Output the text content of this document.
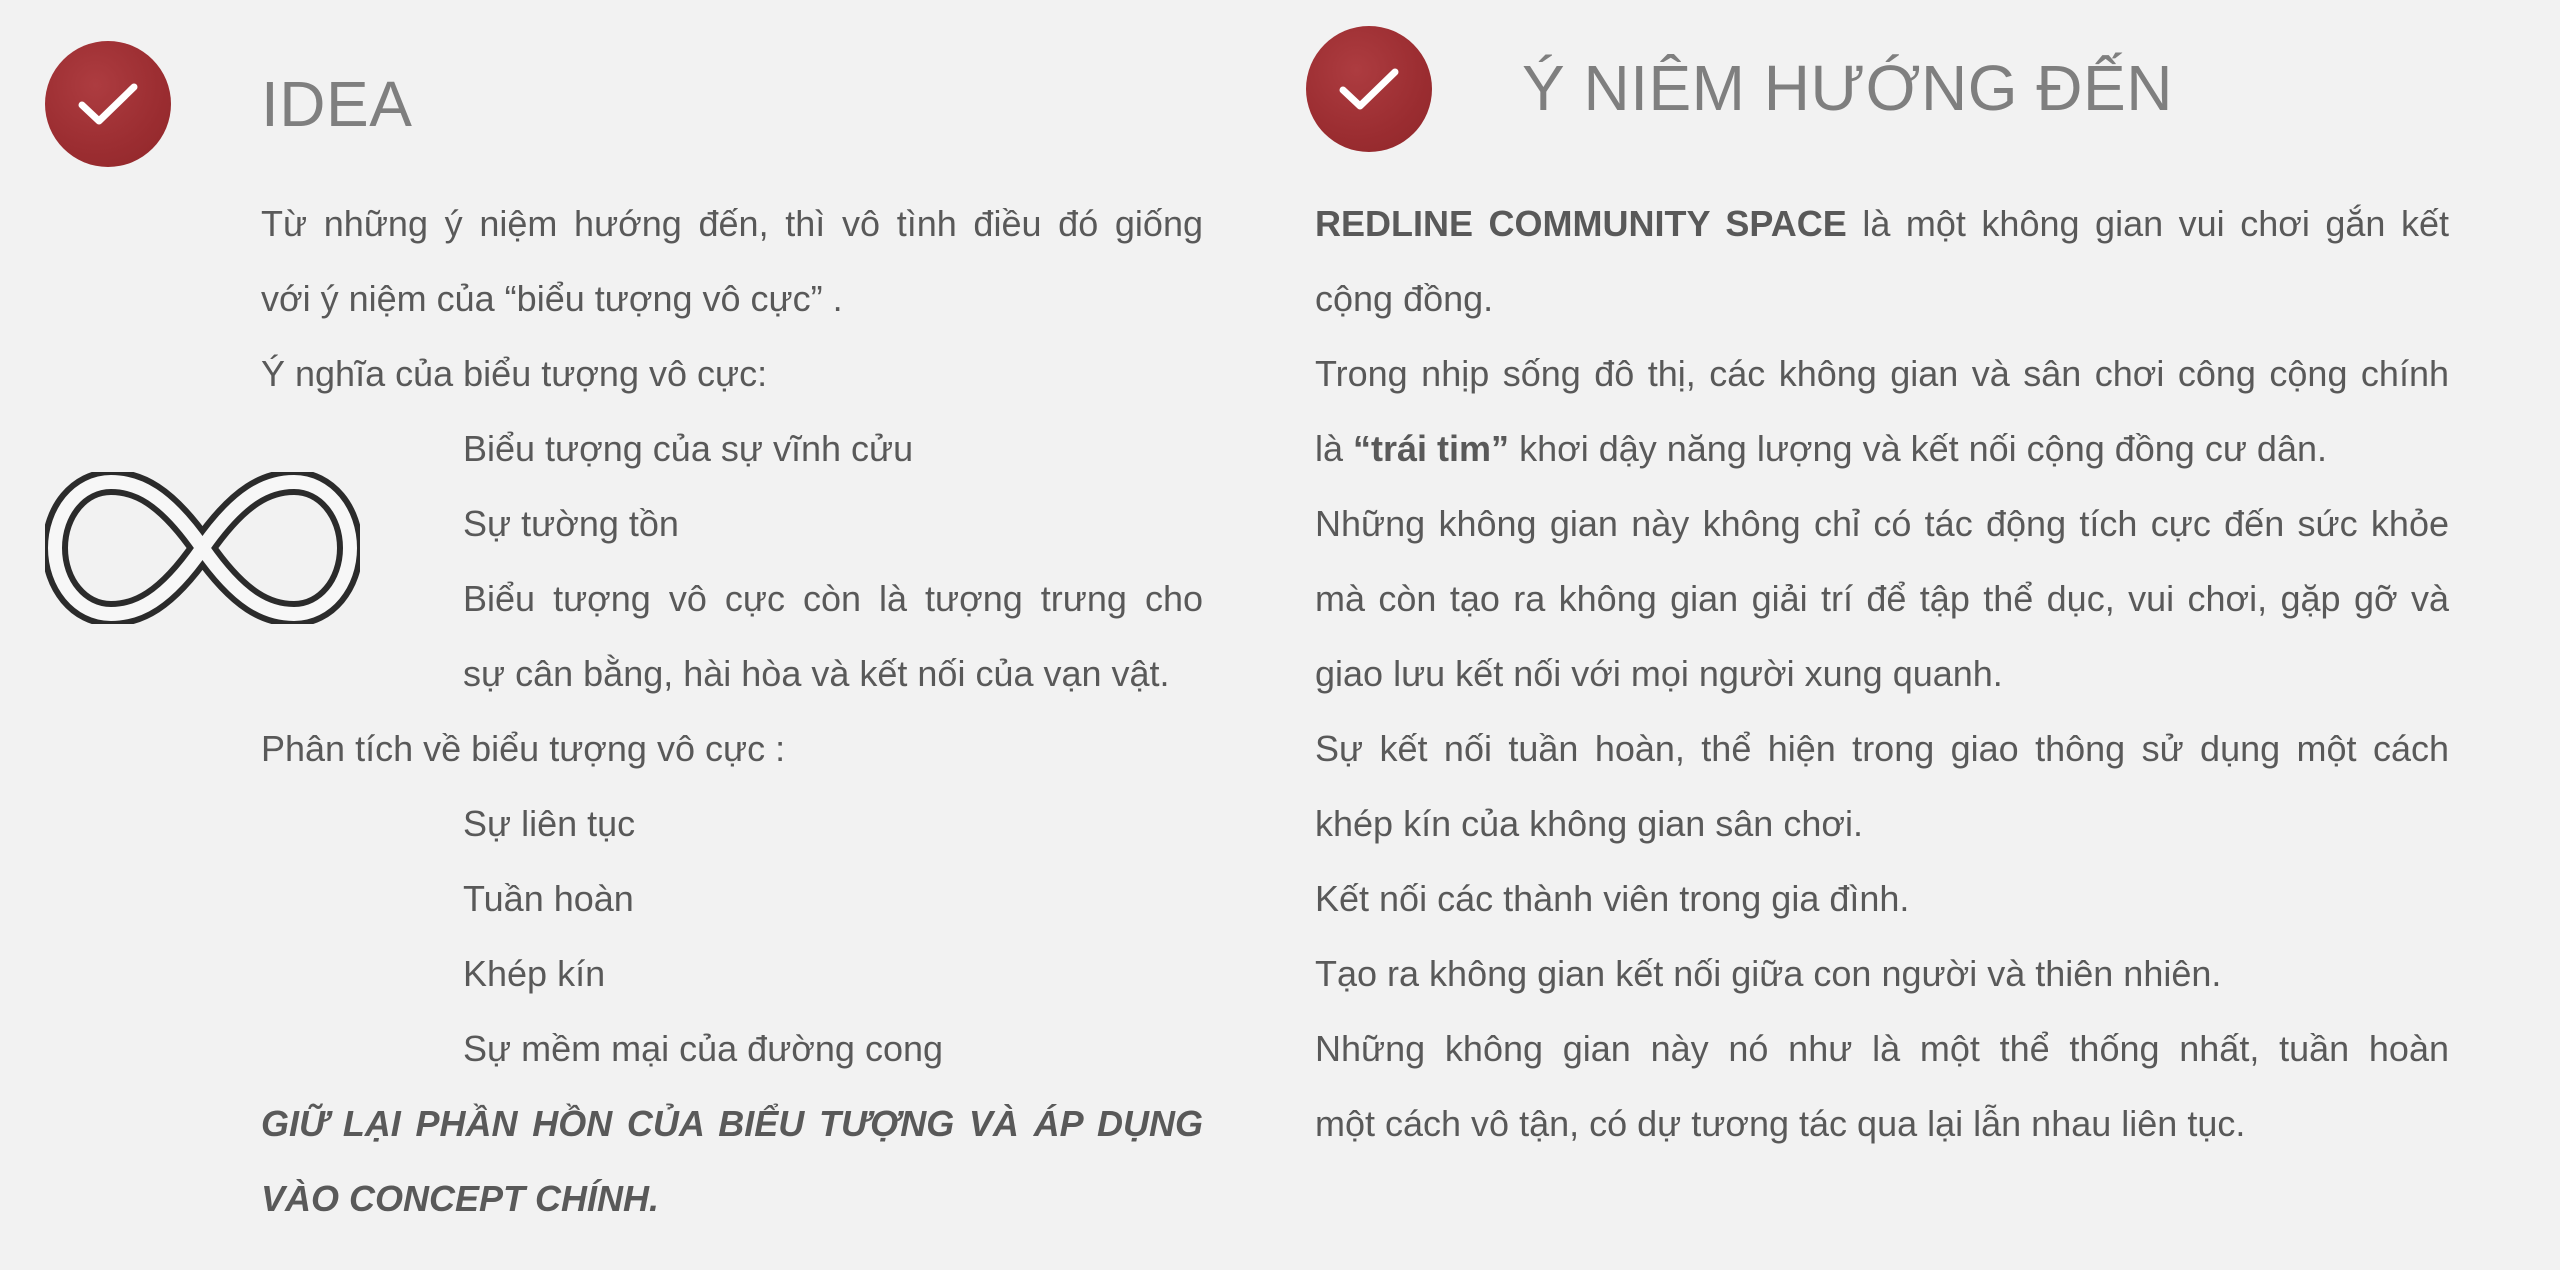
IDEA
Từ những ý niệm hướng đến, thì vô tình điều đó giống
với ý niệm của “biểu tượng vô cực” .
Ý nghĩa của biểu tượng vô cực:
Biểu tượng của sự vĩnh cửu
Sự tường tồn
Biểu tượng vô cực còn là tượng trưng cho
sự cân bằng, hài hòa và kết nối của vạn vật.
Phân tích về biểu tượng vô cực :
Sự liên tục
Tuần hoàn
Khép kín
Sự mềm mại của đường cong
GIỮ LẠI PHẦN HỒN CỦA BIỂU TƯỢNG VÀ ÁP DỤNG
VÀO CONCEPT CHÍNH.
Ý NIÊM HƯỚNG ĐẾN
REDLINE COMMUNITY SPACE là một không gian vui chơi gắn kết
cộng đồng.
Trong nhịp sống đô thị, các không gian và sân chơi công cộng chính
là “trái tim” khơi dậy năng lượng và kết nối cộng đồng cư dân.
Những không gian này không chỉ có tác động tích cực đến sức khỏe
mà còn tạo ra không gian giải trí để tập thể dục, vui chơi, gặp gỡ và
giao lưu kết nối với mọi người xung quanh.
Sự kết nối tuần hoàn, thể hiện trong giao thông sử dụng một cách
khép kín của không gian sân chơi.
Kết nối các thành viên trong gia đình.
Tạo ra không gian kết nối giữa con người và thiên nhiên.
Những không gian này nó như là một thể thống nhất, tuần hoàn
một cách vô tận, có dự tương tác qua lại lẫn nhau liên tục.
